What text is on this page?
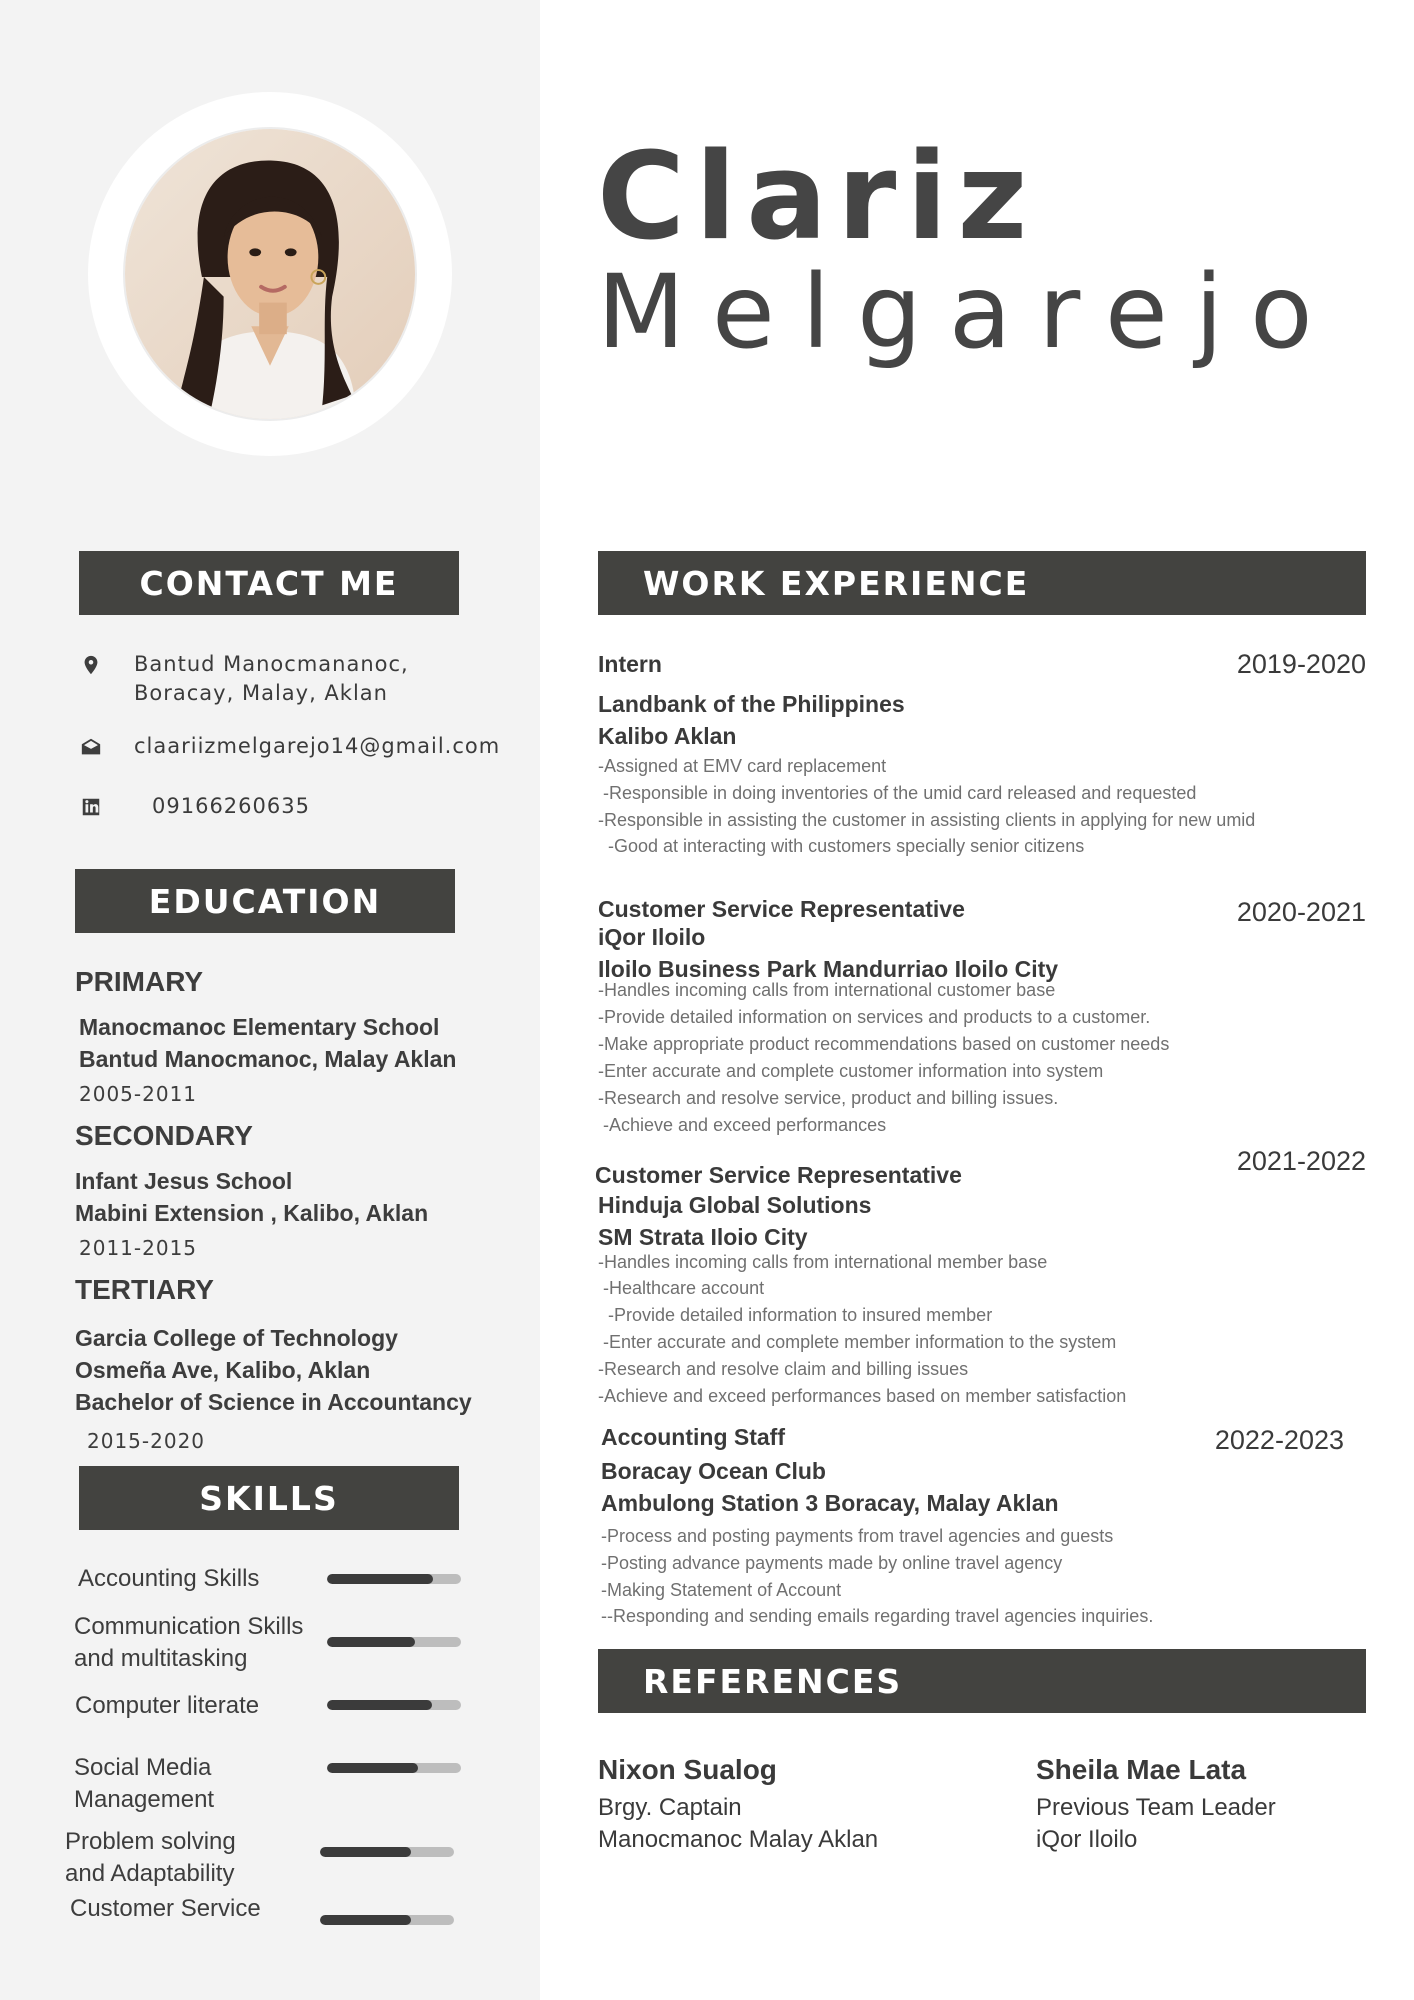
Clariz
Melgarejo
CONTACT ME
Bantud Manocmananoc,
Boracay, Malay, Aklan
claariizmelgarejo14@gmail.com
09166260635
EDUCATION
PRIMARY
Manocmanoc Elementary School
Bantud Manocmanoc, Malay Aklan
2005-2011
SECONDARY
Infant Jesus School
Mabini Extension , Kalibo, Aklan
2011-2015
TERTIARY
Garcia College of Technology
Osmeña Ave, Kalibo, Aklan
Bachelor of Science in Accountancy
2015-2020
SKILLS
Accounting Skills
Communication Skills
and multitasking
Computer literate
Social Media
Management
Problem solving
and Adaptability
Customer Service
WORK EXPERIENCE
Intern	2019-2020
Landbank of the Philippines
Kalibo Aklan
-Assigned at EMV card replacement
-Responsible in doing inventories of the umid card released and requested
-Responsible in assisting the customer in assisting clients in applying for new umid
-Good at interacting with customers specially senior citizens
Customer Service Representative	2020-2021
iQor Iloilo
Iloilo Business Park Mandurriao Iloilo City
-Handles incoming calls from international customer base
-Provide detailed information on services and products to a customer.
-Make appropriate product recommendations based on customer needs
-Enter accurate and complete customer information into system
-Research and resolve service, product and billing issues.
-Achieve and exceed performances
2021-2022
Customer Service Representative
Hinduja Global Solutions
SM Strata Iloio City
-Handles incoming calls from international member base
-Healthcare account
-Provide detailed information to insured member
-Enter accurate and complete member information to the system
-Research and resolve claim and billing issues
-Achieve and exceed performances based on member satisfaction
Accounting Staff	2022-2023
Boracay Ocean Club
Ambulong Station 3 Boracay, Malay Aklan
-Process and posting payments from travel agencies and guests
-Posting advance payments made by online travel agency
-Making Statement of Account
--Responding and sending emails regarding travel agencies inquiries.
REFERENCES
Nixon Sualog
Brgy. Captain
Manocmanoc Malay Aklan
Sheila Mae Lata
Previous Team Leader
iQor Iloilo
